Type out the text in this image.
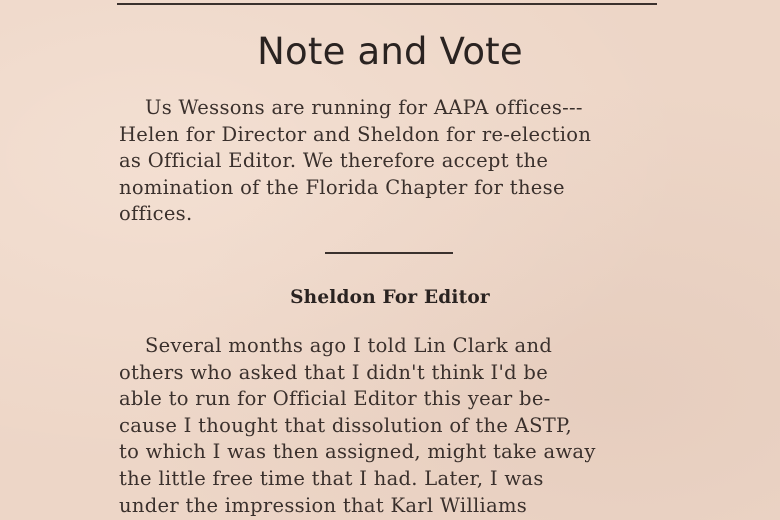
Note and Vote

Us Wessons are running for AAPA offices---
Helen for Director and Sheldon for re-election
as Official Editor. We therefore accept the
nomination of the Florida Chapter for these
offices.

Sheldon For Editor

Several months ago I told Lin Clark and
others who asked that I didn't think I'd be
able to run for Official Editor this year be-
cause I thought that dissolution of the ASTP,
to which I was then assigned, might take away
the little free time that I had. Later, I was
under the impression that Karl Williams
